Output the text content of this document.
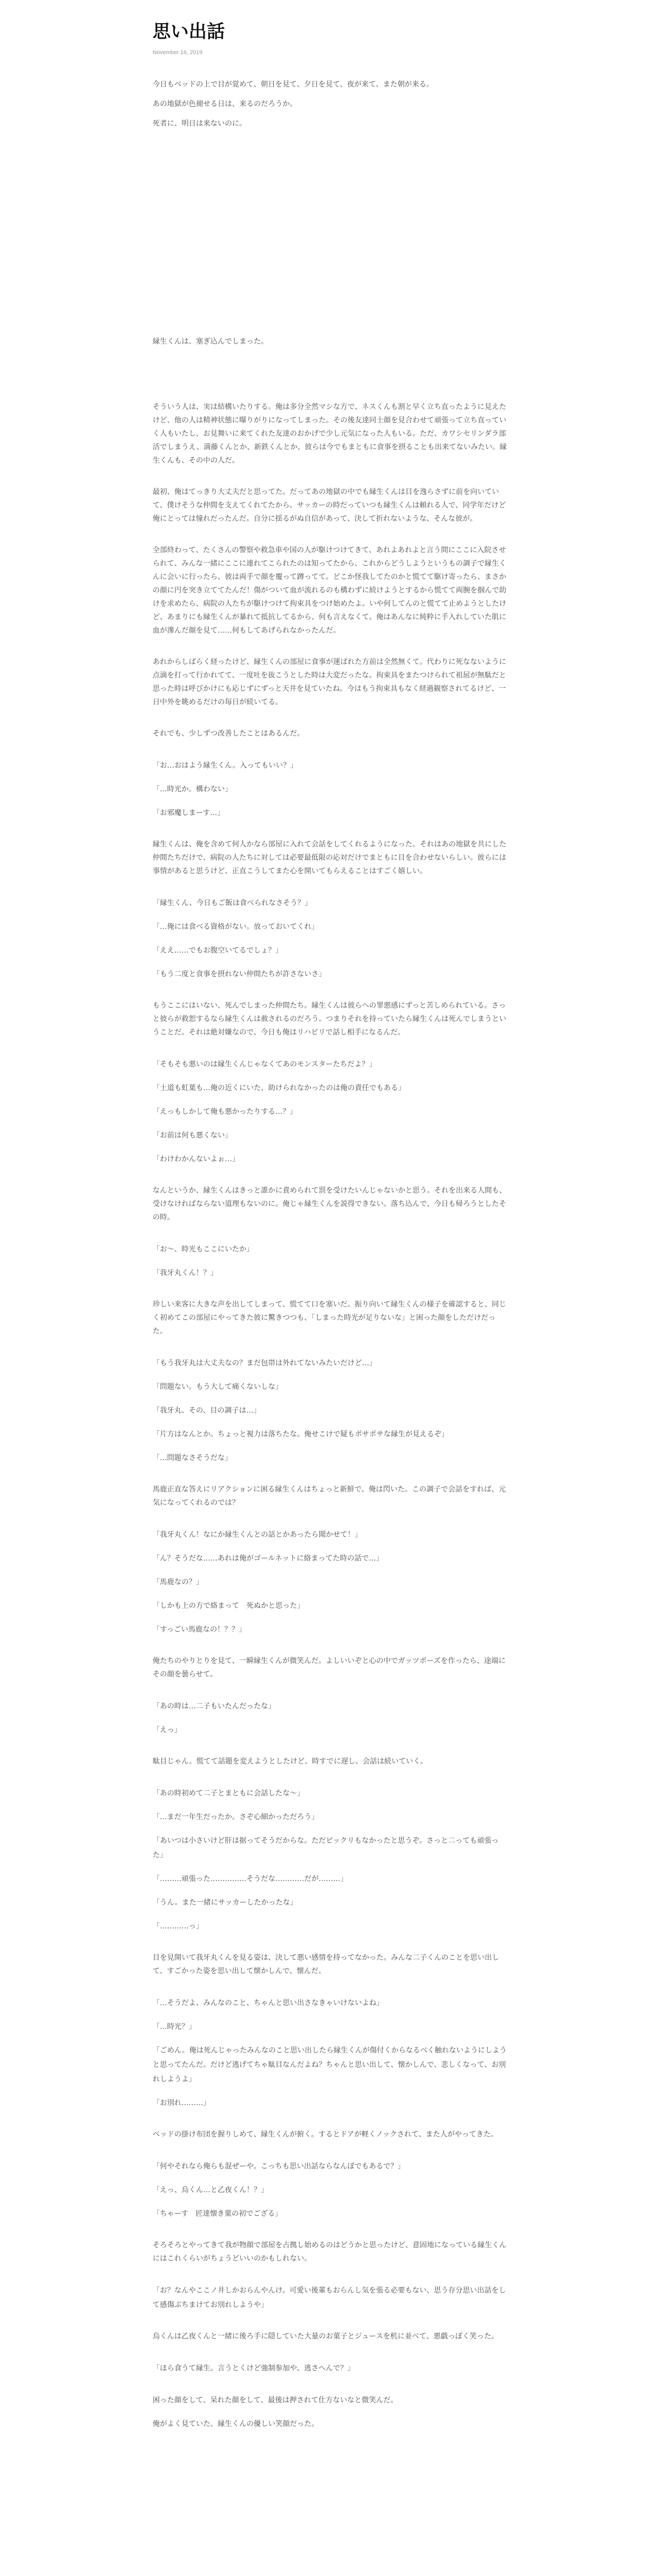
思い出話
November 16, 2019

今日もベッドの上で目が覚めて、朝日を見て、夕日を見て、夜が来て、また朝が来る。

あの地獄が色褪せる日は、来るのだろうか。

死者に、明日は来ないのに。

縁生くんは、塞ぎ込んでしまった。

そういう人は、実は結構いたりする。俺は多分全然マシな方で、ネスくんも割と早く立ち直ったように見えたけど、他の人は精神状態に曝りがりになってしまった。その後友達同士顔を見合わせて頑張って立ち直っていく人もいたし、お見舞いに来てくれた友達のおかげで少し元気になった人もいる。ただ、カワシセリンダラ部活でしまうえ、満藤くんとか、新鉄くんとか、彼らは今でもまともに食事を摂ることも出来てないみたい。縁生くんも、その中の人だ。

最初、俺はてっきり大丈夫だと思ってた。だってあの地獄の中でも縁生くんは目を逸らさずに前を向いていて、僕けそうな仲間を支えてくれてたから。サッカーの時だっていつも縁生くんは頼れる人で、同学年だけど俺にとっては憧れだったんだ。自分に揺るがぬ自信があって、決して折れないような、そんな彼が。

全部終わって、たくさんの警察や救急車や国の人が駆けつけてきて、あれよあれよと言う間にここに入院させられて、みんな一緒にここに連れてこられたのは知ってたから、これからどうしようというもの調子で縁生くんに会いに行ったら、彼は両手で顔を覆って蹲ってて。どこか怪我してたのかと慌てて駆け寄ったら、まさかの顔に円を突き立ててたんだ！傷がついて血が流れるのも構わずに続けようとするから慌てて両腕を掴んで助けを求めたら、病院の人たちが駆けつけて拘束具をつけ始めたよ。いや何してんのと慌てて止めようとしたけど、あまりにも縁生くんが暴れて抵抗してるから、何も言えなくて。俺はあんなに純粋に手入れしていた肌に血が滲んだ顔を見て……何もしてあげられなかったんだ。

あれからしばらく経ったけど、縁生くんの部屋に食事が運ばれた方前は全然無くて。代わりに死なないように点滴を打って行かれてて、一度吐を抜こうとした時は大変だったな。拘束具をまたつけられて祖屈が無駄だと思った時は呼びかけにも応じずにずっと天井を見ていたね。今はもう拘束具もなく経過観察されてるけど、一日中外を眺めるだけの毎日が続いてる。

それでも、少しずつ改善したことはあるんだ。

「お…おはよう縁生くん。入ってもいい？」

「…時光か。構わない」

「お邪魔しまーす…」

縁生くんは、俺を含めて何人かなら部屋に入れて会話をしてくれるようになった。それはあの地獄を共にした仲間たちだけで、病院の人たちに対しては必要最低限の応対だけでまともに目を合わせないらしい。彼らには事情があると思うけど、正直こうしてまた心を開いてもらえることはすごく嬉しい。

「縁生くん、今日もご飯は食べられなさそう？」

「…俺には食べる資格がない。放っておいてくれ」

「ええ……でもお腹空いてるでしょ？」

「もう二度と食事を摂れない仲間たちが許さないさ」

もうここにはいない、死んでしまった仲間たち。縁生くんは彼らへの罪悪感にずっと苦しめられている。さっと彼らが救恕するなら縁生くんは赦されるのだろう。つまりそれを持っていたら縁生くんは死んでしまうということだ。それは絶対嫌なので、今日も俺はリハビリで話し相手になるんだ。

「そもそも悪いのは縁生くんじゃなくてあのモンスターたちだよ？」

「土道も虹葉も…俺の近くにいた、助けられなかったのは俺の責任でもある」

「えっもしかして俺も悪かったりする…？」

「お前は何も悪くない」

「わけわかんないよぉ…」

なんというか、縁生くんはきっと誰かに責められて罰を受けたいんじゃないかと思う。それを出来る人間も、受けなければならない道理もないのに。俺じゃ縁生くんを説得できない。落ち込んで、今日も帰ろうとしたその時。

「お～、時光もここにいたか」

「我牙丸くん！？」

珍しい来客に大きな声を出してしまって、慌てて口を塞いだ。振り向いて縁生くんの様子を確認すると、同じく初めてこの部屋にやってきた彼に驚きつつも、「しまった時光が足りないな」と困った顔をしただけだった。

「もう我牙丸は大丈夫なの？まだ包帯は外れてないみたいだけど…」

「問題ない。もう大して痛くないしな」

「我牙丸、その、目の調子は…」

「片方はなんとか。ちょっと視力は落ちたな。俺せこけで疑もポサポサな縁生が見えるぞ」

「…問題なさそうだな」

馬鹿正直な答えにリアクションに困る縁生くんはちょっと新鮮で、俺は閃いた。この調子で会話をすれば、元気になってくれるのでは？

「我牙丸くん！なにか縁生くんとの話とかあったら聞かせて！」

「ん？そうだな……あれは俺がゴールネットに絡まってた時の話で…」

「馬鹿なの？」

「しかも上の方で絡まって　死ぬかと思った」

「すっごい馬鹿なの！？？」

俺たちのやりとりを見て、一瞬縁生くんが微笑んだ。よしいいぞと心の中でガッツポーズを作ったら、途端にその顔を曇らせて。

「あの時は…二子もいたんだったな」

「えっ」

駄目じゃん。慌てて話題を変えようとしたけど、時すでに遅し。会話は続いていく。

「あの時初めて二子とまともに会話したな～」

「…まだ一年生だったか。さぞ心細かっただろう」

「あいつは小さいけど肝は据ってそうだからな。ただビックリもなかったと思うぞ。さっと二っても頑張った」

「………頑張った……………そうだな…………だが………」

「うん。また一緒にサッカーしたかったな」

「…………っ」

目を見開いて我牙丸くんを見る姿は、決して悪い感情を持ってなかった。みんな二子くんのことを思い出して、すごかった姿を思い出して懐かしんで、懐んだ。

「…そうだよ、みんなのこと、ちゃんと思い出さなきゃいけないよね」

「…時光？」

「ごめん。俺は死んじゃったみんなのこと思い出したら縁生くんが傷付くからなるべく触れないようにしようと思ってたんだ。だけど逃げてちゃ駄目なんだよね？ちゃんと思い出して、懐かしんで、悲しくなって、お別れしようよ」

「お別れ………」

ベッドの掛け布団を握りしめて、縁生くんが俯く。するとドアが軽くノックされて、また人がやってきた。

「何やそれなら俺らも混ぜーや。こっちも思い出話ならなんぼでもあるで？」

「えっ、烏くん…と乙夜くん！？」

「ちゃーす　匠達懐き菓の初でござる」

そろそろとやってきて我が物顔で部屋を占拠し始めるのはどうかと思ったけど、意固地になっている縁生くんにはこれくらいがちょうどいいのかもしれない。

「お？なんやここノ井しかおらんやんけ。可愛い後輩もおらんし気を張る必要もない、思う存分思い出話をして感傷ぶちまけてお別れしようや」

烏くんは乙夜くんと一緒に後ろ手に隠していた大量のお菓子とジュースを机に並べて、悪戯っぽく笑った。

「ほら食うて縁生。言うとくけど強制参加や、逃さへんで？」

困った顔をして、呆れた顔をして、最後は押されて仕方ないなと微笑んだ。

俺がよく見ていた、縁生くんの優しい笑顔だった。
